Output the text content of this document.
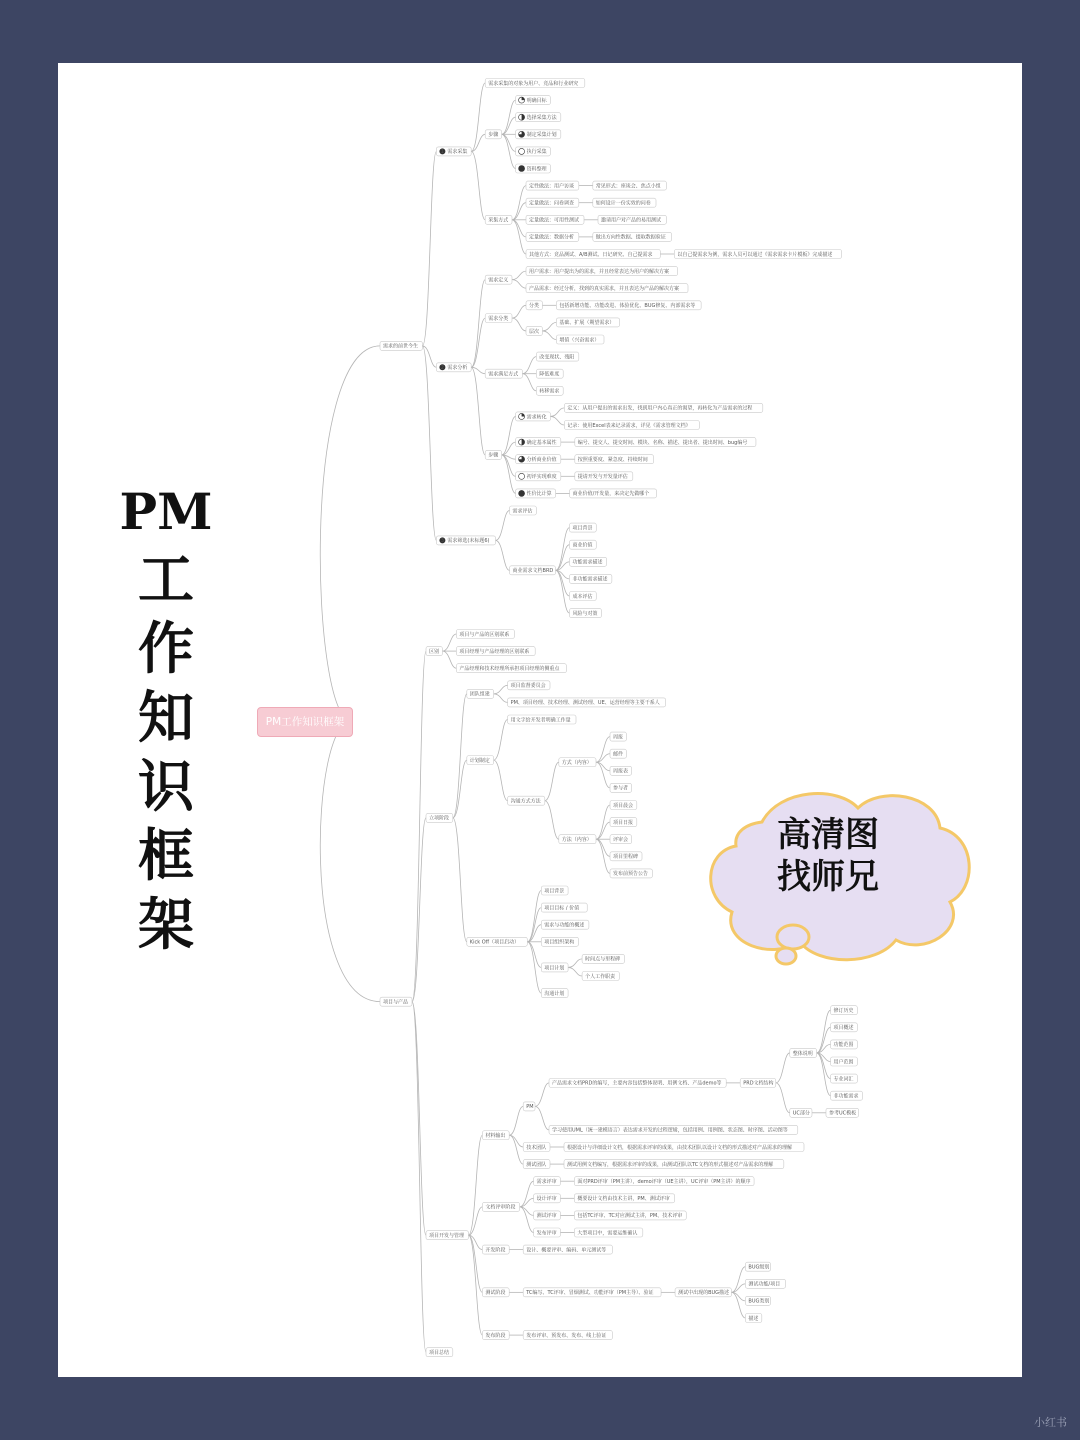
PM
工
作
知
识
框
架
需求的前世今生
1 需求采集
需求采集的对象为用户、竞品和行业研究
步骤
明确目标
选择采集方法
制定采集计划
执行采集
资料整理
采集方式
定性做法：用户访谈	常见形式：座谈会、焦点小组
定量做法：问卷调查	如何设计一份实效的问卷
定量做法：可用性测试	邀请用户对产品的易用测试
定量做法：数据分析	做出方向性数据、提取数据验证
其他方式：竞品测试、A/B测试、日记研究、自己提需求	以自己提需求为例，需求人员可以通过《需求需求卡片模板》完成描述
2 需求分析
需求定义
用户需求：用户提出为的需求，并且经常表达为用户的解决方案
产品需求：经过分析，找到的真实需求，并且表达为产品的解决方案
需求分类
分类	包括新增功能、功能改进、体验优化、BUG修复、内部需求等
层次
基础、扩展（期望需求）
增值（兴奋需求）
需求满足方式
改变现状、残阳
降低难度
转移需求
步骤
需求转化
定义：从用户提出的需求出发，找到用户内心真正的渴望，再转化为产品需求的过程
记录：使用Excel表来记录需求，详见《需求管理文档》
确定基本属性	编号、提交人、提交时间、模块、名称、描述、提出者、提出时间、bug编号
分析商业价值	按照重要度、紧急度、持续时间
初评实现难度	提请开发与开发量评估
性价比计算	商业价值/开发量，来决定先做哪个
3 需求筛选(未标题6)
需求评估
商业需求文档BRD
项目背景
商业价值
功能需求描述
非功能需求描述
成本评估
风险与对策
项目与产品
区别
项目与产品的区别联系
项目经理与产品经理的区别联系
产品经理和技术经理所承担项目经理的侧重点
立项阶段
团队组建
项目监督委员会
PM、项目经理、技术经理、测试经理、UE、运营经理等主要干系人
计划制定
用文字给开发者明确工作量
沟通方式方法
方式（内容）
周报
邮件
周报表
参与者
方法（内容）
项目晨会
项目日报
评审会
项目里程碑
发布前预告公告
Kick Off（项目启动）
项目背景
项目目标 / 价值
需求与功能的概述
项目组织架构
项目计划
时间点与里程碑
个人工作职责
沟通计划
项目开发与管理
材料输出
PM
产品需求文档PRD的编写，主要内容包括整体说明、用例文档、产品demo等	PRD文档结构
整体说明
修订历史
项目概述
功能范围
用户范围
专业词汇
非功能需求
UC部分	参考UC模板
学习使用UML（统一建模语言）表达需求开发的过程逻辑，包括用例、用例图、状态图、时序图、活动图等
技术团队	根据设计与详细设计文档，根据需求评审的成果，由技术团队以设计文档的形式描述对产品需求的理解
测试团队	测试用例文档编写，根据需求评审的成果，由测试团队以TC文档的形式描述对产品需求的理解
文档评审阶段
需求评审	面对PRD评审（PM主讲），demo评审（UE主讲），UC评审（PM主讲）的顺序
设计评审	概要设计文档由技术主讲，PM、测试评审
测试评审	包括TC评审、TC对应测试主讲，PM、技术评审
发布评审	大型项目中，需要运维确认
开发阶段	设计、概要评审、编码、单元测试等
测试阶段	TC编写、TC评审、冒烟测试、功能评审（PM主导）、验证	测试中出现的BUG描述
BUG级别
测试功能/项目
BUG类别
描述
发布阶段	发布评审、预发布、发布、线上验证
项目总结
PM工作知识框架
高清图
找师兄
小红书
